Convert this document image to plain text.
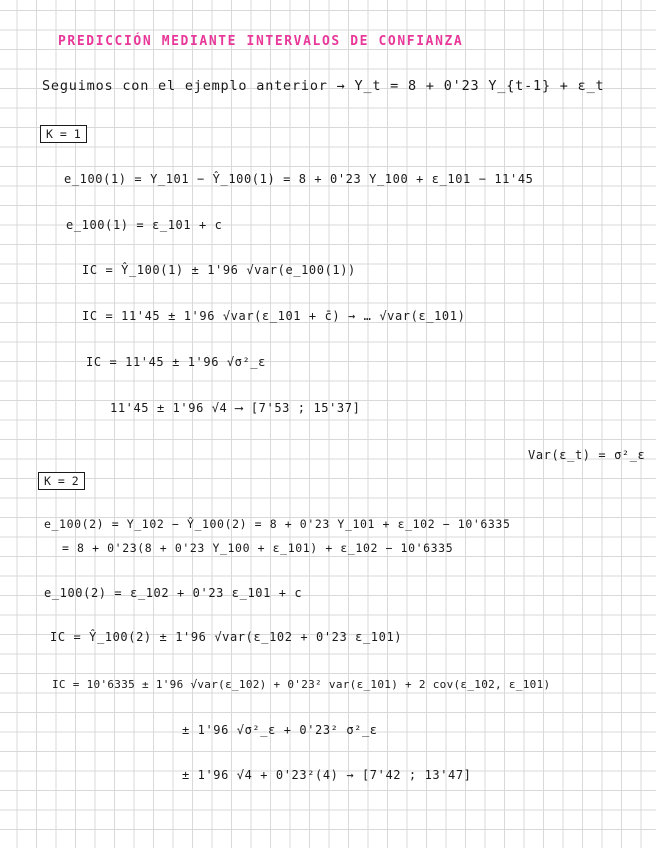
PREDICCIÓN MEDIANTE INTERVALOS DE CONFIANZA
Seguimos con el ejemplo anterior → Y_t = 8 + 0'23 Y_{t-1} + ε_t
K = 1
e_100(1) = Y_101 − Ŷ_100(1) = 8 + 0'23 Y_100 + ε_101 − 11'45
e_100(1) = ε_101 + c
IC = Ŷ_100(1) ± 1'96 √var(e_100(1))
IC = 11'45 ± 1'96 √var(ε_101 + c̄) → … √var(ε_101)
IC = 11'45 ± 1'96 √σ²_ε
11'45 ± 1'96 √4 ⟶ [7'53 ; 15'37]
Var(ε_t) = σ²_ε
K = 2
e_100(2) = Y_102 − Ŷ_100(2) = 8 + 0'23 Y_101 + ε_102 − 10'6335
= 8 + 0'23(8 + 0'23 Y_100 + ε_101) + ε_102 − 10'6335
e_100(2) = ε_102 + 0'23 ε_101 + c
IC = Ŷ_100(2) ± 1'96 √var(ε_102 + 0'23 ε_101)
IC = 10'6335 ± 1'96 √var(ε_102) + 0'23² var(ε_101) + 2 cov(ε_102, ε_101)
± 1'96 √σ²_ε + 0'23² σ²_ε
± 1'96 √4 + 0'23²(4) → [7'42 ; 13'47]
